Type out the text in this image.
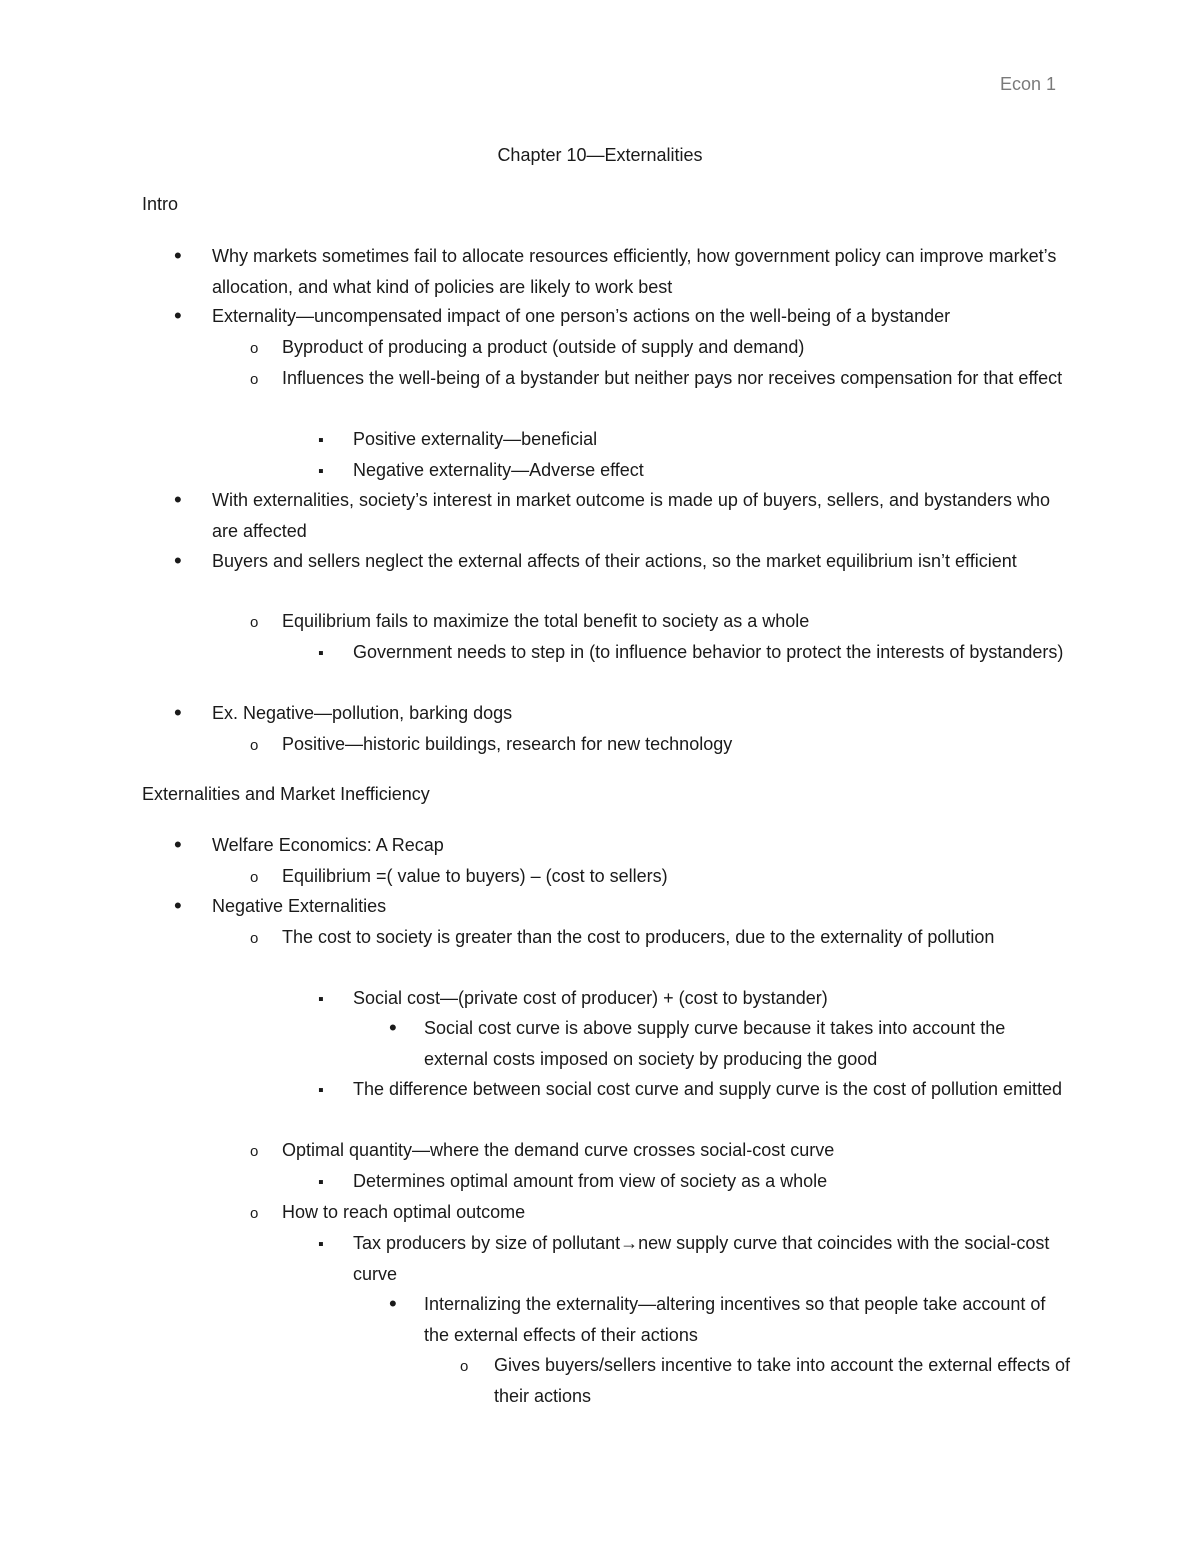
Econ 1
Chapter 10—Externalities
Intro
•
Why markets sometimes fail to allocate resources efficiently, how government policy can improve market’s allocation, and what kind of policies are likely to work best
•
Externality—uncompensated impact of one person’s actions on the well-being of a bystander
o
Byproduct of producing a product (outside of supply and demand)
o
Influences the well-being of a bystander but neither pays nor receives compensation for that effect
▪
Positive externality—beneficial
▪
Negative externality—Adverse effect
•
With externalities, society’s interest in market outcome is made up of buyers, sellers, and bystanders who are affected
•
Buyers and sellers neglect the external affects of their actions, so the market equilibrium isn’t efficient
o
Equilibrium fails to maximize the total benefit to society as a whole
▪
Government needs to step in (to influence behavior to protect the interests of bystanders)
•
Ex. Negative—pollution, barking dogs
o
Positive—historic buildings, research for new technology
Externalities and Market Inefficiency
•
Welfare Economics: A Recap
o
Equilibrium =( value to buyers) – (cost to sellers)
•
Negative Externalities
o
The cost to society is greater than the cost to producers, due to the externality of pollution
▪
Social cost—(private cost of producer) + (cost to bystander)
•
Social cost curve is above supply curve because it takes into account the external costs imposed on society by producing the good
▪
The difference between social cost curve and supply curve is the cost of pollution emitted
o
Optimal quantity—where the demand curve crosses social-cost curve
▪
Determines optimal amount from view of society as a whole
o
How to reach optimal outcome
▪
Tax producers by size of pollutant→new supply curve that coincides with the social-cost curve
•
Internalizing the externality—altering incentives so that people take account of the external effects of their actions
o
Gives buyers/sellers incentive to take into account the external effects of their actions
